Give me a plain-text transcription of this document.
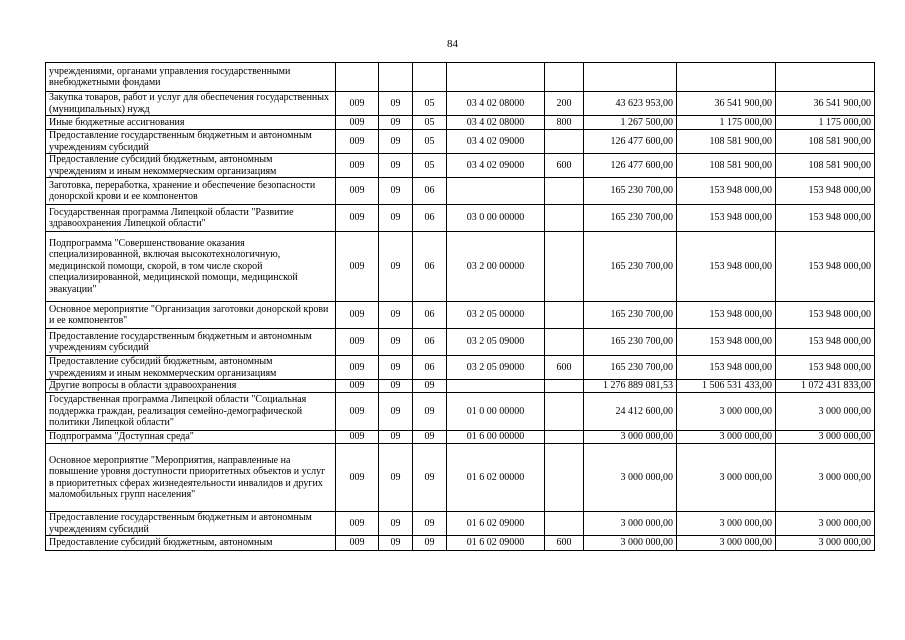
84
учреждениями, органами управления государственными внебюджетными фондами								
Закупка товаров, работ и услуг для обеспечения государственных (муниципальных) нужд	009	09	05	03 4 02 08000	200	43 623 953,00	36 541 900,00	36 541 900,00
Иные бюджетные ассигнования	009	09	05	03 4 02 08000	800	1 267 500,00	1 175 000,00	1 175 000,00
Предоставление государственным бюджетным и автономным учреждениям субсидий	009	09	05	03 4 02 09000		126 477 600,00	108 581 900,00	108 581 900,00
Предоставление субсидий бюджетным, автономным учреждениям и иным некоммерческим организациям	009	09	05	03 4 02 09000	600	126 477 600,00	108 581 900,00	108 581 900,00
Заготовка, переработка, хранение и обеспечение безопасности донорской крови и ее компонентов	009	09	06			165 230 700,00	153 948 000,00	153 948 000,00
Государственная программа Липецкой области "Развитие здравоохранения Липецкой области"	009	09	06	03 0 00 00000		165 230 700,00	153 948 000,00	153 948 000,00
Подпрограмма "Совершенствование оказания специализированной, включая высокотехнологичную, медицинской помощи, скорой, в том числе скорой специализированной, медицинской помощи, медицинской эвакуации"	009	09	06	03 2 00 00000		165 230 700,00	153 948 000,00	153 948 000,00
Основное мероприятие "Организация заготовки донорской крови и ее компонентов"	009	09	06	03 2 05 00000		165 230 700,00	153 948 000,00	153 948 000,00
Предоставление государственным бюджетным и автономным учреждениям субсидий	009	09	06	03 2 05 09000		165 230 700,00	153 948 000,00	153 948 000,00
Предоставление субсидий бюджетным, автономным учреждениям и иным некоммерческим организациям	009	09	06	03 2 05 09000	600	165 230 700,00	153 948 000,00	153 948 000,00
Другие вопросы в области здравоохранения	009	09	09			1 276 889 081,53	1 506 531 433,00	1 072 431 833,00
Государственная программа Липецкой области "Социальная поддержка граждан, реализация семейно-демографической политики Липецкой области"	009	09	09	01 0 00 00000		24 412 600,00	3 000 000,00	3 000 000,00
Подпрограмма "Доступная среда"	009	09	09	01 6 00 00000		3 000 000,00	3 000 000,00	3 000 000,00
Основное мероприятие "Мероприятия, направленные на повышение уровня доступности приоритетных объектов и услуг в приоритетных сферах жизнедеятельности инвалидов и других маломобильных групп населения"	009	09	09	01 6 02 00000		3 000 000,00	3 000 000,00	3 000 000,00
Предоставление государственным бюджетным и автономным учреждениям субсидий	009	09	09	01 6 02 09000		3 000 000,00	3 000 000,00	3 000 000,00
Предоставление субсидий бюджетным, автономным	009	09	09	01 6 02 09000	600	3 000 000,00	3 000 000,00	3 000 000,00
